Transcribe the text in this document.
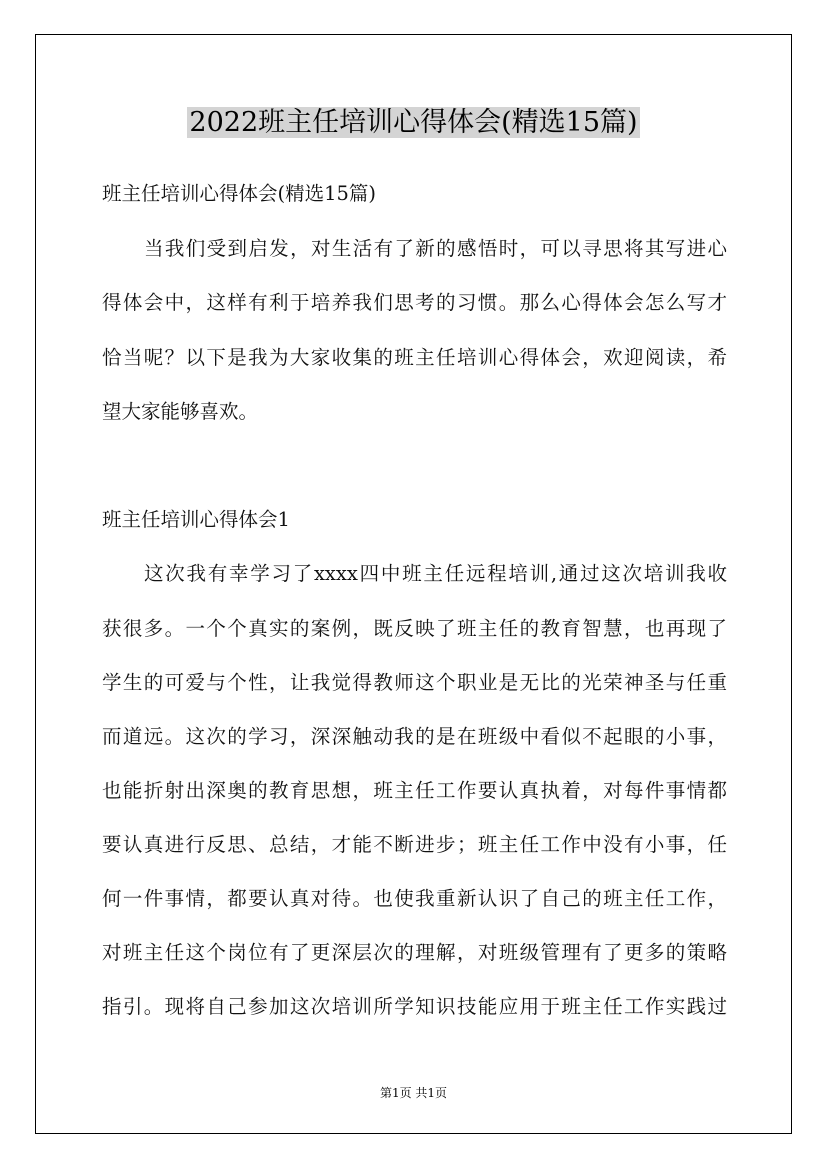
2022班主任培训心得体会(精选15篇)
班主任培训心得体会(精选15篇)
当我们受到启发，对生活有了新的感悟时，可以寻思将其写进心
得体会中，这样有利于培养我们思考的习惯。那么心得体会怎么写才
恰当呢？以下是我为大家收集的班主任培训心得体会，欢迎阅读，希
望大家能够喜欢。
班主任培训心得体会1
这次我有幸学习了xxxx四中班主任远程培训,通过这次培训我收
获很多。一个个真实的案例，既反映了班主任的教育智慧，也再现了
学生的可爱与个性，让我觉得教师这个职业是无比的光荣神圣与任重
而道远。这次的学习，深深触动我的是在班级中看似不起眼的小事，
也能折射出深奥的教育思想，班主任工作要认真执着，对每件事情都
要认真进行反思、总结，才能不断进步；班主任工作中没有小事，任
何一件事情，都要认真对待。也使我重新认识了自己的班主任工作，
对班主任这个岗位有了更深层次的理解，对班级管理有了更多的策略
指引。现将自己参加这次培训所学知识技能应用于班主任工作实践过
第1页 共1页
